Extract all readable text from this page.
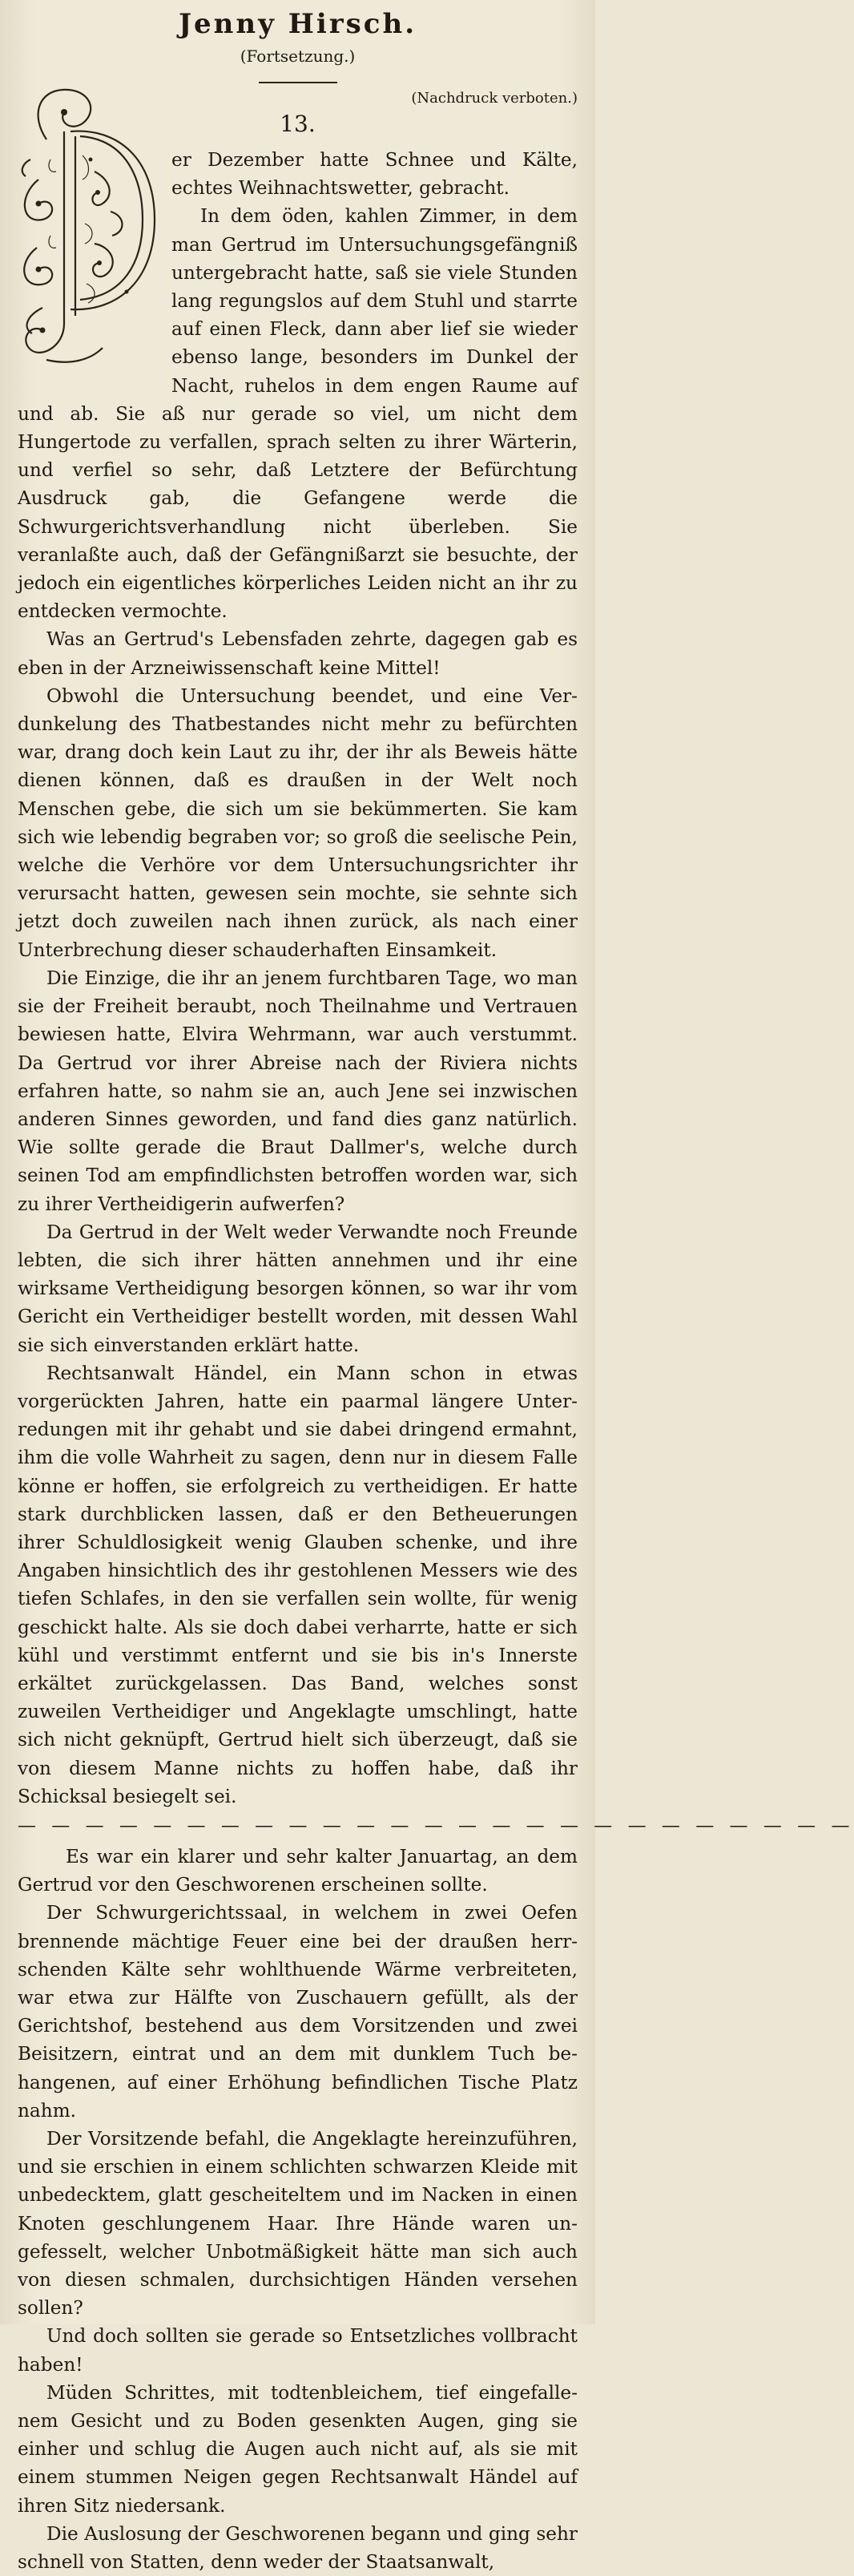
Jenny Hirsch.
(Fortsetzung.)
(Nachdruck verboten.)
13.

er Dezember hatte Schnee und Kälte, echtes Weihnachtswetter, gebracht.

In dem öden, kahlen Zimmer, in dem man Gertrud im Untersuchungsgefängniß untergebracht hatte, saß sie viele Stunden lang regungslos auf dem Stuhl und starrte auf einen Fleck, dann aber lief sie wieder ebenso lange, besonders im Dunkel der Nacht, ruhelos in dem engen Raume auf und ab. Sie aß nur gerade so viel, um nicht dem Hungertode zu verfallen, sprach selten zu ihrer Wärterin, und verfiel so sehr, daß Letztere der Befürchtung Ausdruck gab, die Gefangene werde die Schwurgerichtsverhandlung nicht überleben. Sie veranlaßte auch, daß der Gefängnißarzt sie besuchte, der jedoch ein eigentliches körperliches Leiden nicht an ihr zu entdecken vermochte.

Was an Gertrud's Lebensfaden zehrte, dagegen gab es eben in der Arzneiwissenschaft keine Mittel!

Obwohl die Untersuchung beendet, und eine Verdunkelung des Thatbestandes nicht mehr zu befürchten war, drang doch kein Laut zu ihr, der ihr als Beweis hätte dienen können, daß es draußen in der Welt noch Menschen gebe, die sich um sie bekümmerten. Sie kam sich wie lebendig begraben vor; so groß die seelische Pein, welche die Verhöre vor dem Untersuchungsrichter ihr verursacht hatten, gewesen sein mochte, sie sehnte sich jetzt doch zuweilen nach ihnen zurück, als nach einer Unterbrechung dieser schauderhaften Einsamkeit.

Die Einzige, die ihr an jenem furchtbaren Tage, wo man sie der Freiheit beraubt, noch Theilnahme und Vertrauen bewiesen hatte, Elvira Wehrmann, war auch verstummt. Da Gertrud vor ihrer Abreise nach der Riviera nichts erfahren hatte, so nahm sie an, auch Jene sei inzwischen anderen Sinnes geworden, und fand dies ganz natürlich. Wie sollte gerade die Braut Dallmer's, welche durch seinen Tod am empfindlichsten betroffen worden war, sich zu ihrer Vertheidigerin aufwerfen?

Da Gertrud in der Welt weder Verwandte noch Freunde lebten, die sich ihrer hätten annehmen und ihr eine wirksame Vertheidigung besorgen können, so war ihr vom Gericht ein Vertheidiger bestellt worden, mit dessen Wahl sie sich einverstanden erklärt hatte.

Rechtsanwalt Händel, ein Mann schon in etwas vorgerückten Jahren, hatte ein paarmal längere Unterredungen mit ihr gehabt und sie dabei dringend ermahnt, ihm die volle Wahrheit zu sagen, denn nur in diesem Falle könne er hoffen, sie erfolgreich zu vertheidigen. Er hatte stark durchblicken lassen, daß er den Betheuerungen ihrer Schuldlosigkeit wenig Glauben schenke, und ihre Angaben hinsichtlich des ihr gestohlenen Messers wie des tiefen Schlafes, in den sie verfallen sein wollte, für wenig geschickt halte. Als sie doch dabei verharrte, hatte er sich kühl und verstimmt entfernt und sie bis in's Innerste erkältet zurückgelassen. Das Band, welches sonst zuweilen Vertheidiger und Angeklagte umschlingt, hatte sich nicht geknüpft, Gertrud hielt sich überzeugt, daß sie von diesem Manne nichts zu hoffen habe, daß ihr Schicksal besiegelt sei.

— — — — — — — — — — — — — — — — — — — — — — — — —

Es war ein klarer und sehr kalter Januartag, an dem Gertrud vor den Geschworenen erscheinen sollte.

Der Schwurgerichtssaal, in welchem in zwei Oefen brennende mächtige Feuer eine bei der draußen herrschenden Kälte sehr wohlthuende Wärme verbreiteten, war etwa zur Hälfte von Zuschauern gefüllt, als der Gerichtshof, bestehend aus dem Vorsitzenden und zwei Beisitzern, eintrat und an dem mit dunklem Tuch behangenen, auf einer Erhöhung befindlichen Tische Platz nahm.

Der Vorsitzende befahl, die Angeklagte hereinzuführen, und sie erschien in einem schlichten schwarzen Kleide mit unbedecktem, glatt gescheiteltem und im Nacken in einen Knoten geschlungenem Haar. Ihre Hände waren ungefesselt, welcher Unbotmäßigkeit hätte man sich auch von diesen schmalen, durchsichtigen Händen versehen sollen?

Und doch sollten sie gerade so Entsetzliches vollbracht haben!

Müden Schrittes, mit todtenbleichem, tief eingefallenem Gesicht und zu Boden gesenkten Augen, ging sie einher und schlug die Augen auch nicht auf, als sie mit einem stummen Neigen gegen Rechtsanwalt Händel auf ihren Sitz niedersank.

Die Auslosung der Geschworenen begann und ging sehr schnell von Statten, denn weder der Staatsanwalt,
